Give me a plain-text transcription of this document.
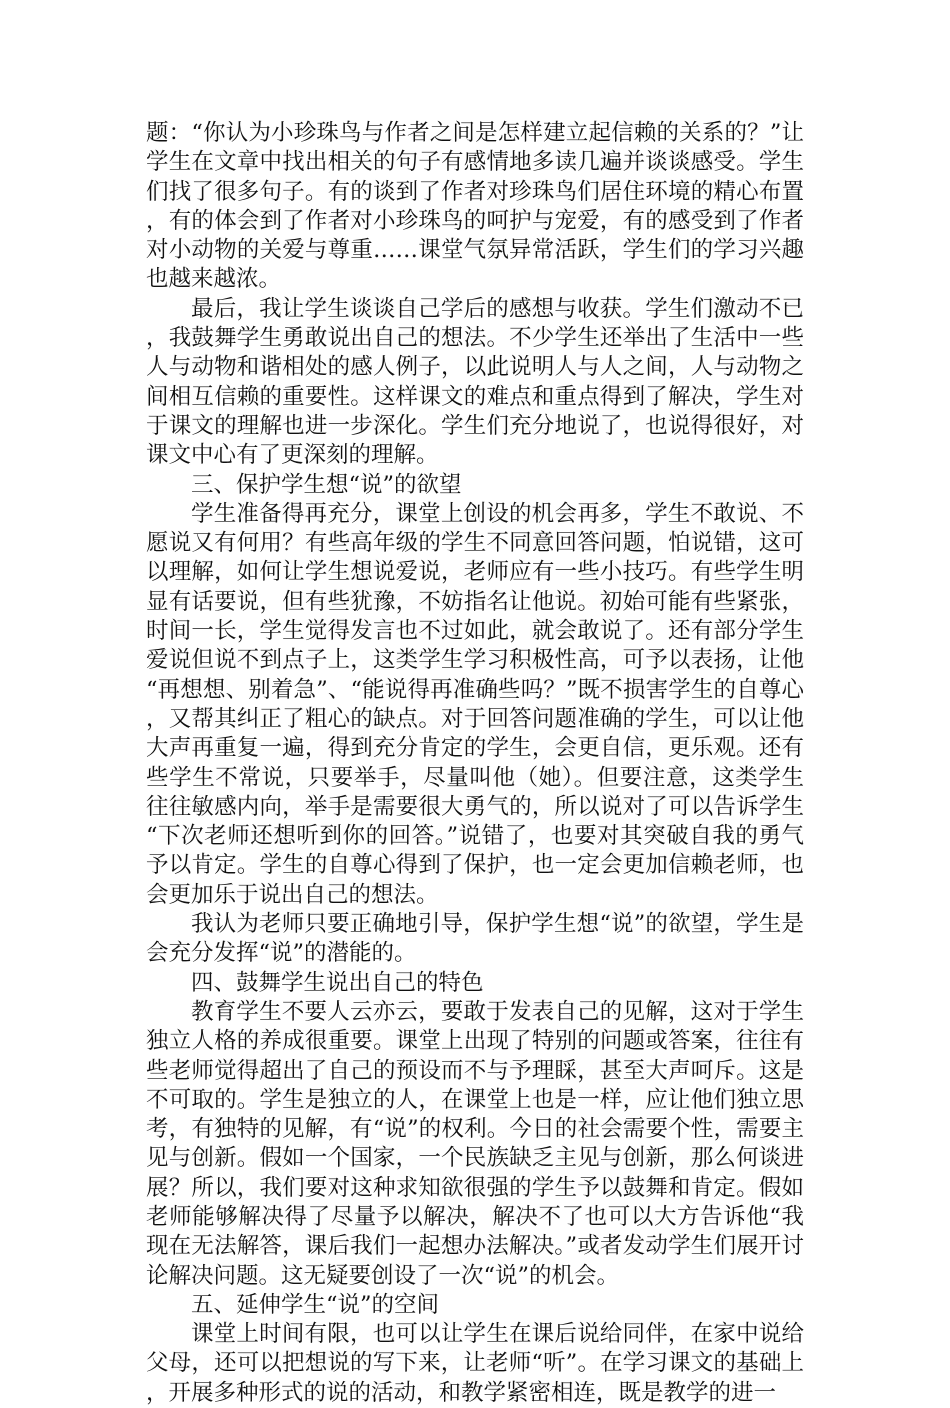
题：“你认为小珍珠鸟与作者之间是怎样建立起信赖的关系的？”让学生在文章中找出相关的句子有感情地多读几遍并谈谈感受。学生们找了很多句子。有的谈到了作者对珍珠鸟们居住环境的精心布置，有的体会到了作者对小珍珠鸟的呵护与宠爱，有的感受到了作者对小动物的关爱与尊重……课堂气氛异常活跃，学生们的学习兴趣也越来越浓。

最后，我让学生谈谈自己学后的感想与收获。学生们激动不已，我鼓舞学生勇敢说出自己的想法。不少学生还举出了生活中一些人与动物和谐相处的感人例子，以此说明人与人之间，人与动物之间相互信赖的重要性。这样课文的难点和重点得到了解决，学生对于课文的理解也进一步深化。学生们充分地说了，也说得很好，对课文中心有了更深刻的理解。

三、保护学生想“说”的欲望

学生准备得再充分，课堂上创设的机会再多，学生不敢说、不愿说又有何用？有些高年级的学生不同意回答问题，怕说错，这可以理解，如何让学生想说爱说，老师应有一些小技巧。有些学生明显有话要说，但有些犹豫，不妨指名让他说。初始可能有些紧张，时间一长，学生觉得发言也不过如此，就会敢说了。还有部分学生爱说但说不到点子上，这类学生学习积极性高，可予以表扬，让他“再想想、别着急”、“能说得再准确些吗？”既不损害学生的自尊心，又帮其纠正了粗心的缺点。对于回答问题准确的学生，可以让他大声再重复一遍，得到充分肯定的学生，会更自信，更乐观。还有些学生不常说，只要举手，尽量叫他（她）。但要注意，这类学生往往敏感内向，举手是需要很大勇气的，所以说对了可以告诉学生“下次老师还想听到你的回答。”说错了，也要对其突破自我的勇气予以肯定。学生的自尊心得到了保护，也一定会更加信赖老师，也会更加乐于说出自己的想法。

我认为老师只要正确地引导，保护学生想“说”的欲望，学生是会充分发挥“说”的潜能的。

四、鼓舞学生说出自己的特色

教育学生不要人云亦云，要敢于发表自己的见解，这对于学生独立人格的养成很重要。课堂上出现了特别的问题或答案，往往有些老师觉得超出了自己的预设而不与予理睬，甚至大声呵斥。这是不可取的。学生是独立的人，在课堂上也是一样，应让他们独立思考，有独特的见解，有“说”的权利。今日的社会需要个性，需要主见与创新。假如一个国家，一个民族缺乏主见与创新，那么何谈进展？所以，我们要对这种求知欲很强的学生予以鼓舞和肯定。假如老师能够解决得了尽量予以解决，解决不了也可以大方告诉他“我现在无法解答，课后我们一起想办法解决。”或者发动学生们展开讨论解决问题。这无疑要创设了一次“说”的机会。

五、延伸学生“说”的空间

课堂上时间有限，也可以让学生在课后说给同伴，在家中说给父母，还可以把想说的写下来，让老师“听”。在学习课文的基础上，开展多种形式的说的活动，和教学紧密相连，既是教学的进一
